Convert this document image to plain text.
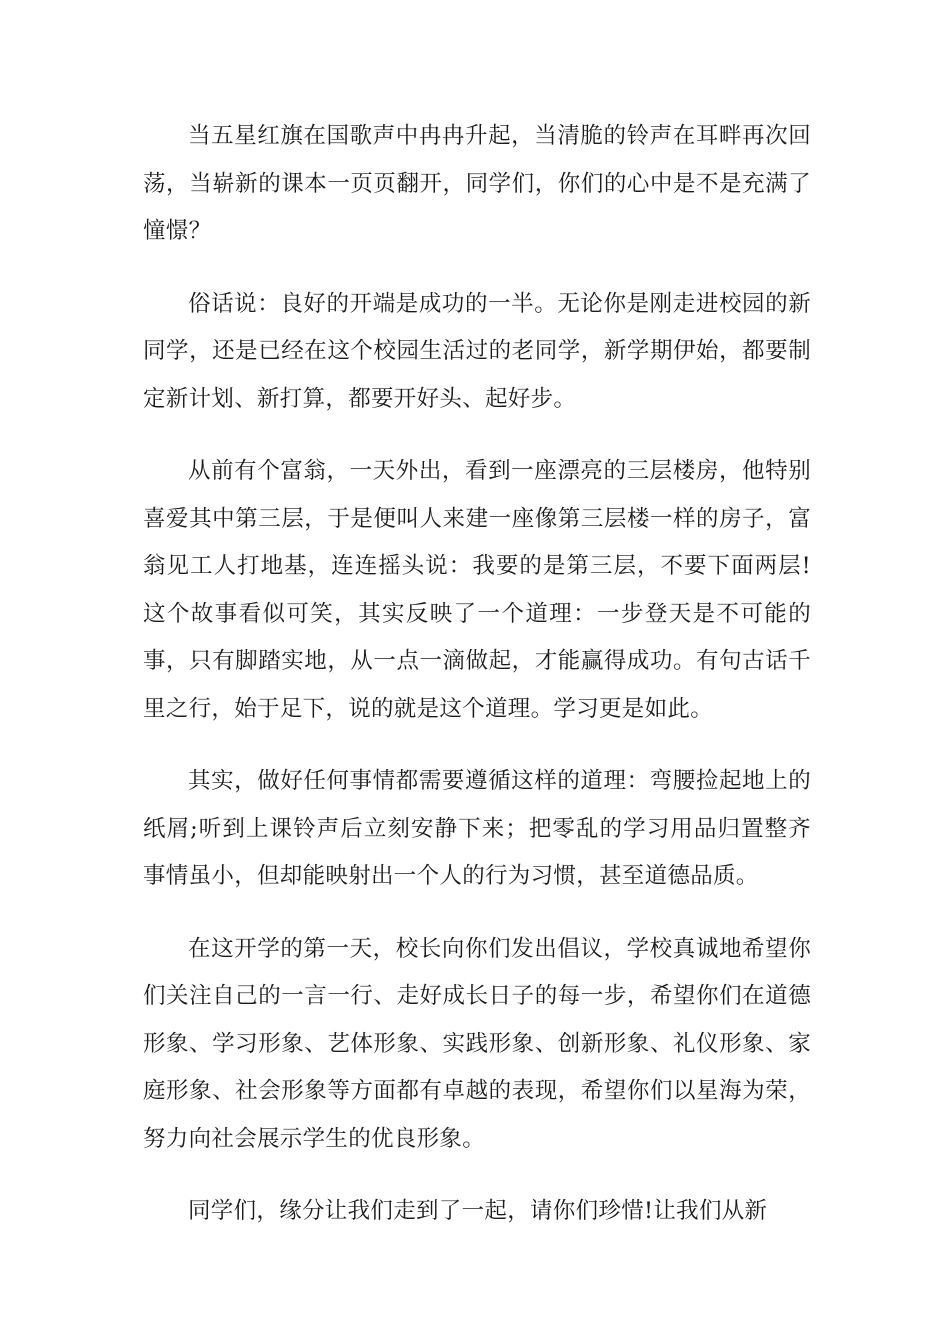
当五星红旗在国歌声中冉冉升起，当清脆的铃声在耳畔再次回荡，当崭新的课本一页页翻开，同学们，你们的心中是不是充满了憧憬？

俗话说：良好的开端是成功的一半。无论你是刚走进校园的新同学，还是已经在这个校园生活过的老同学，新学期伊始，都要制定新计划、新打算，都要开好头、起好步。

从前有个富翁，一天外出，看到一座漂亮的三层楼房，他特别喜爱其中第三层，于是便叫人来建一座像第三层楼一样的房子，富翁见工人打地基，连连摇头说：我要的是第三层，不要下面两层!这个故事看似可笑，其实反映了一个道理：一步登天是不可能的事，只有脚踏实地，从一点一滴做起，才能赢得成功。有句古话千里之行，始于足下，说的就是这个道理。学习更是如此。

其实，做好任何事情都需要遵循这样的道理：弯腰捡起地上的纸屑;听到上课铃声后立刻安静下来；把零乱的学习用品归置整齐事情虽小，但却能映射出一个人的行为习惯，甚至道德品质。

在这开学的第一天，校长向你们发出倡议，学校真诚地希望你们关注自己的一言一行、走好成长日子的每一步，希望你们在道德形象、学习形象、艺体形象、实践形象、创新形象、礼仪形象、家庭形象、社会形象等方面都有卓越的表现，希望你们以星海为荣，努力向社会展示学生的优良形象。

同学们，缘分让我们走到了一起，请你们珍惜!让我们从新
